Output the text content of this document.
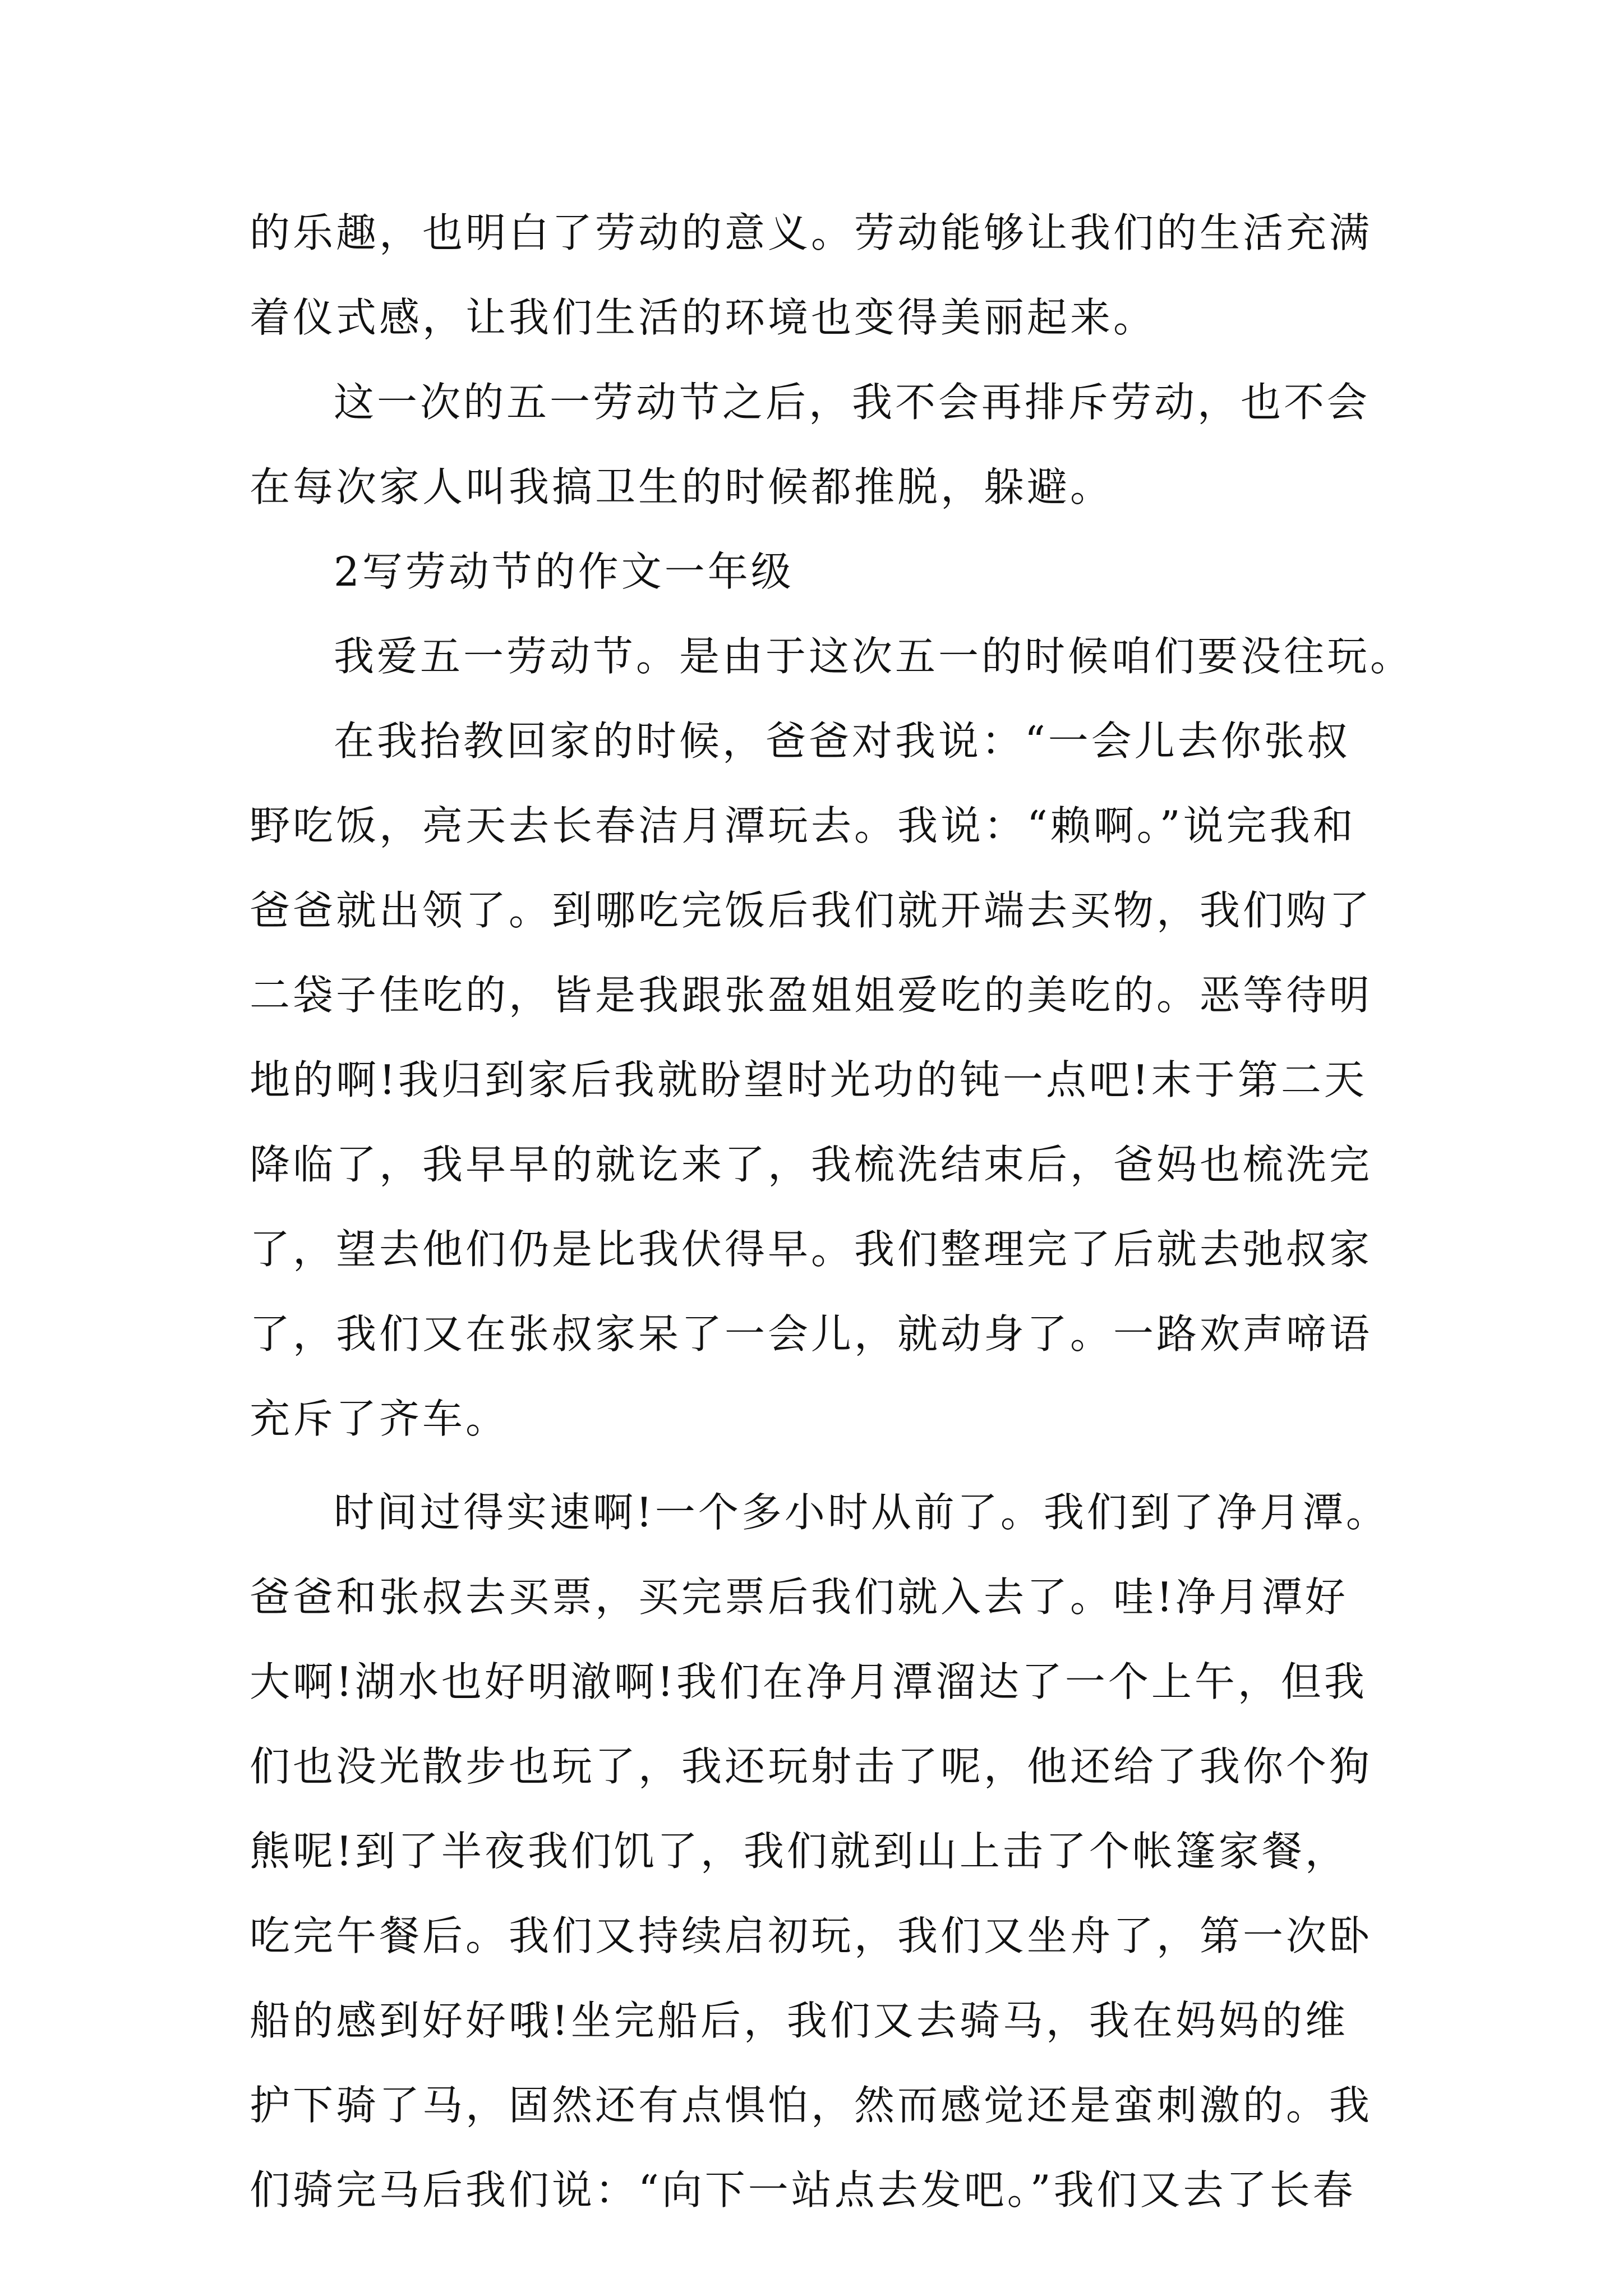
的乐趣，也明白了劳动的意义。劳动能够让我们的生活充满
着仪式感，让我们生活的环境也变得美丽起来。
这一次的五一劳动节之后，我不会再排斥劳动，也不会
在每次家人叫我搞卫生的时候都推脱，躲避。
2写劳动节的作文一年级
我爱五一劳动节。是由于这次五一的时候咱们要没往玩。
在我抬教回家的时候，爸爸对我说：“一会儿去你张叔
野吃饭，亮天去长春洁月潭玩去。我说：“赖啊。”说完我和
爸爸就出领了。到哪吃完饭后我们就开端去买物，我们购了
二袋子佳吃的，皆是我跟张盈姐姐爱吃的美吃的。恶等待明
地的啊!我归到家后我就盼望时光功的钝一点吧!末于第二天
降临了，我早早的就讫来了，我梳洗结束后，爸妈也梳洗完
了，望去他们仍是比我伏得早。我们整理完了后就去弛叔家
了，我们又在张叔家呆了一会儿，就动身了。一路欢声啼语
充斥了齐车。
时间过得实速啊!一个多小时从前了。我们到了净月潭。
爸爸和张叔去买票，买完票后我们就入去了。哇!净月潭好
大啊!湖水也好明澈啊!我们在净月潭溜达了一个上午，但我
们也没光散步也玩了，我还玩射击了呢，他还给了我你个狗
熊呢!到了半夜我们饥了，我们就到山上击了个帐篷家餐，
吃完午餐后。我们又持续启初玩，我们又坐舟了，第一次卧
船的感到好好哦!坐完船后，我们又去骑马，我在妈妈的维
护下骑了马，固然还有点惧怕，然而感觉还是蛮刺激的。我
们骑完马后我们说：“向下一站点去发吧。”我们又去了长春
